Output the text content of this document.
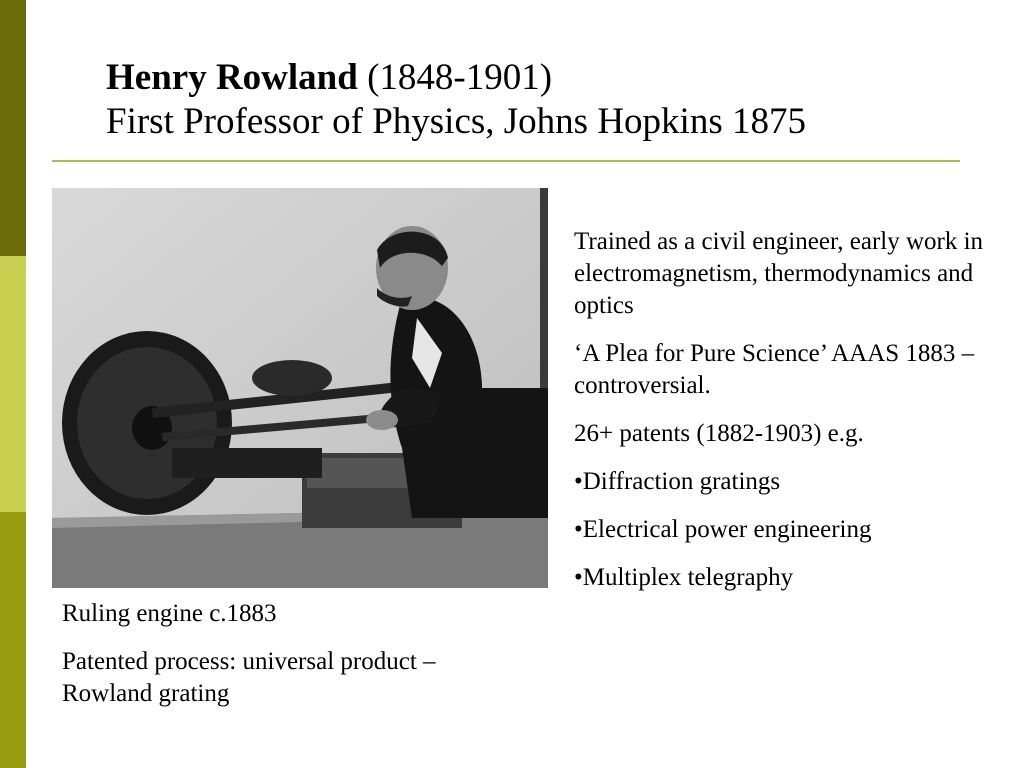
Henry Rowland (1848-1901)
First Professor of Physics, Johns Hopkins 1875

Ruling engine c.1883

Patented process: universal product – Rowland grating

Trained as a civil engineer, early work in electromagnetism, thermodynamics and optics

‘A Plea for Pure Science’ AAAS 1883 – controversial.

26+ patents (1882-1903) e.g.

•Diffraction gratings

•Electrical power engineering

•Multiplex telegraphy
